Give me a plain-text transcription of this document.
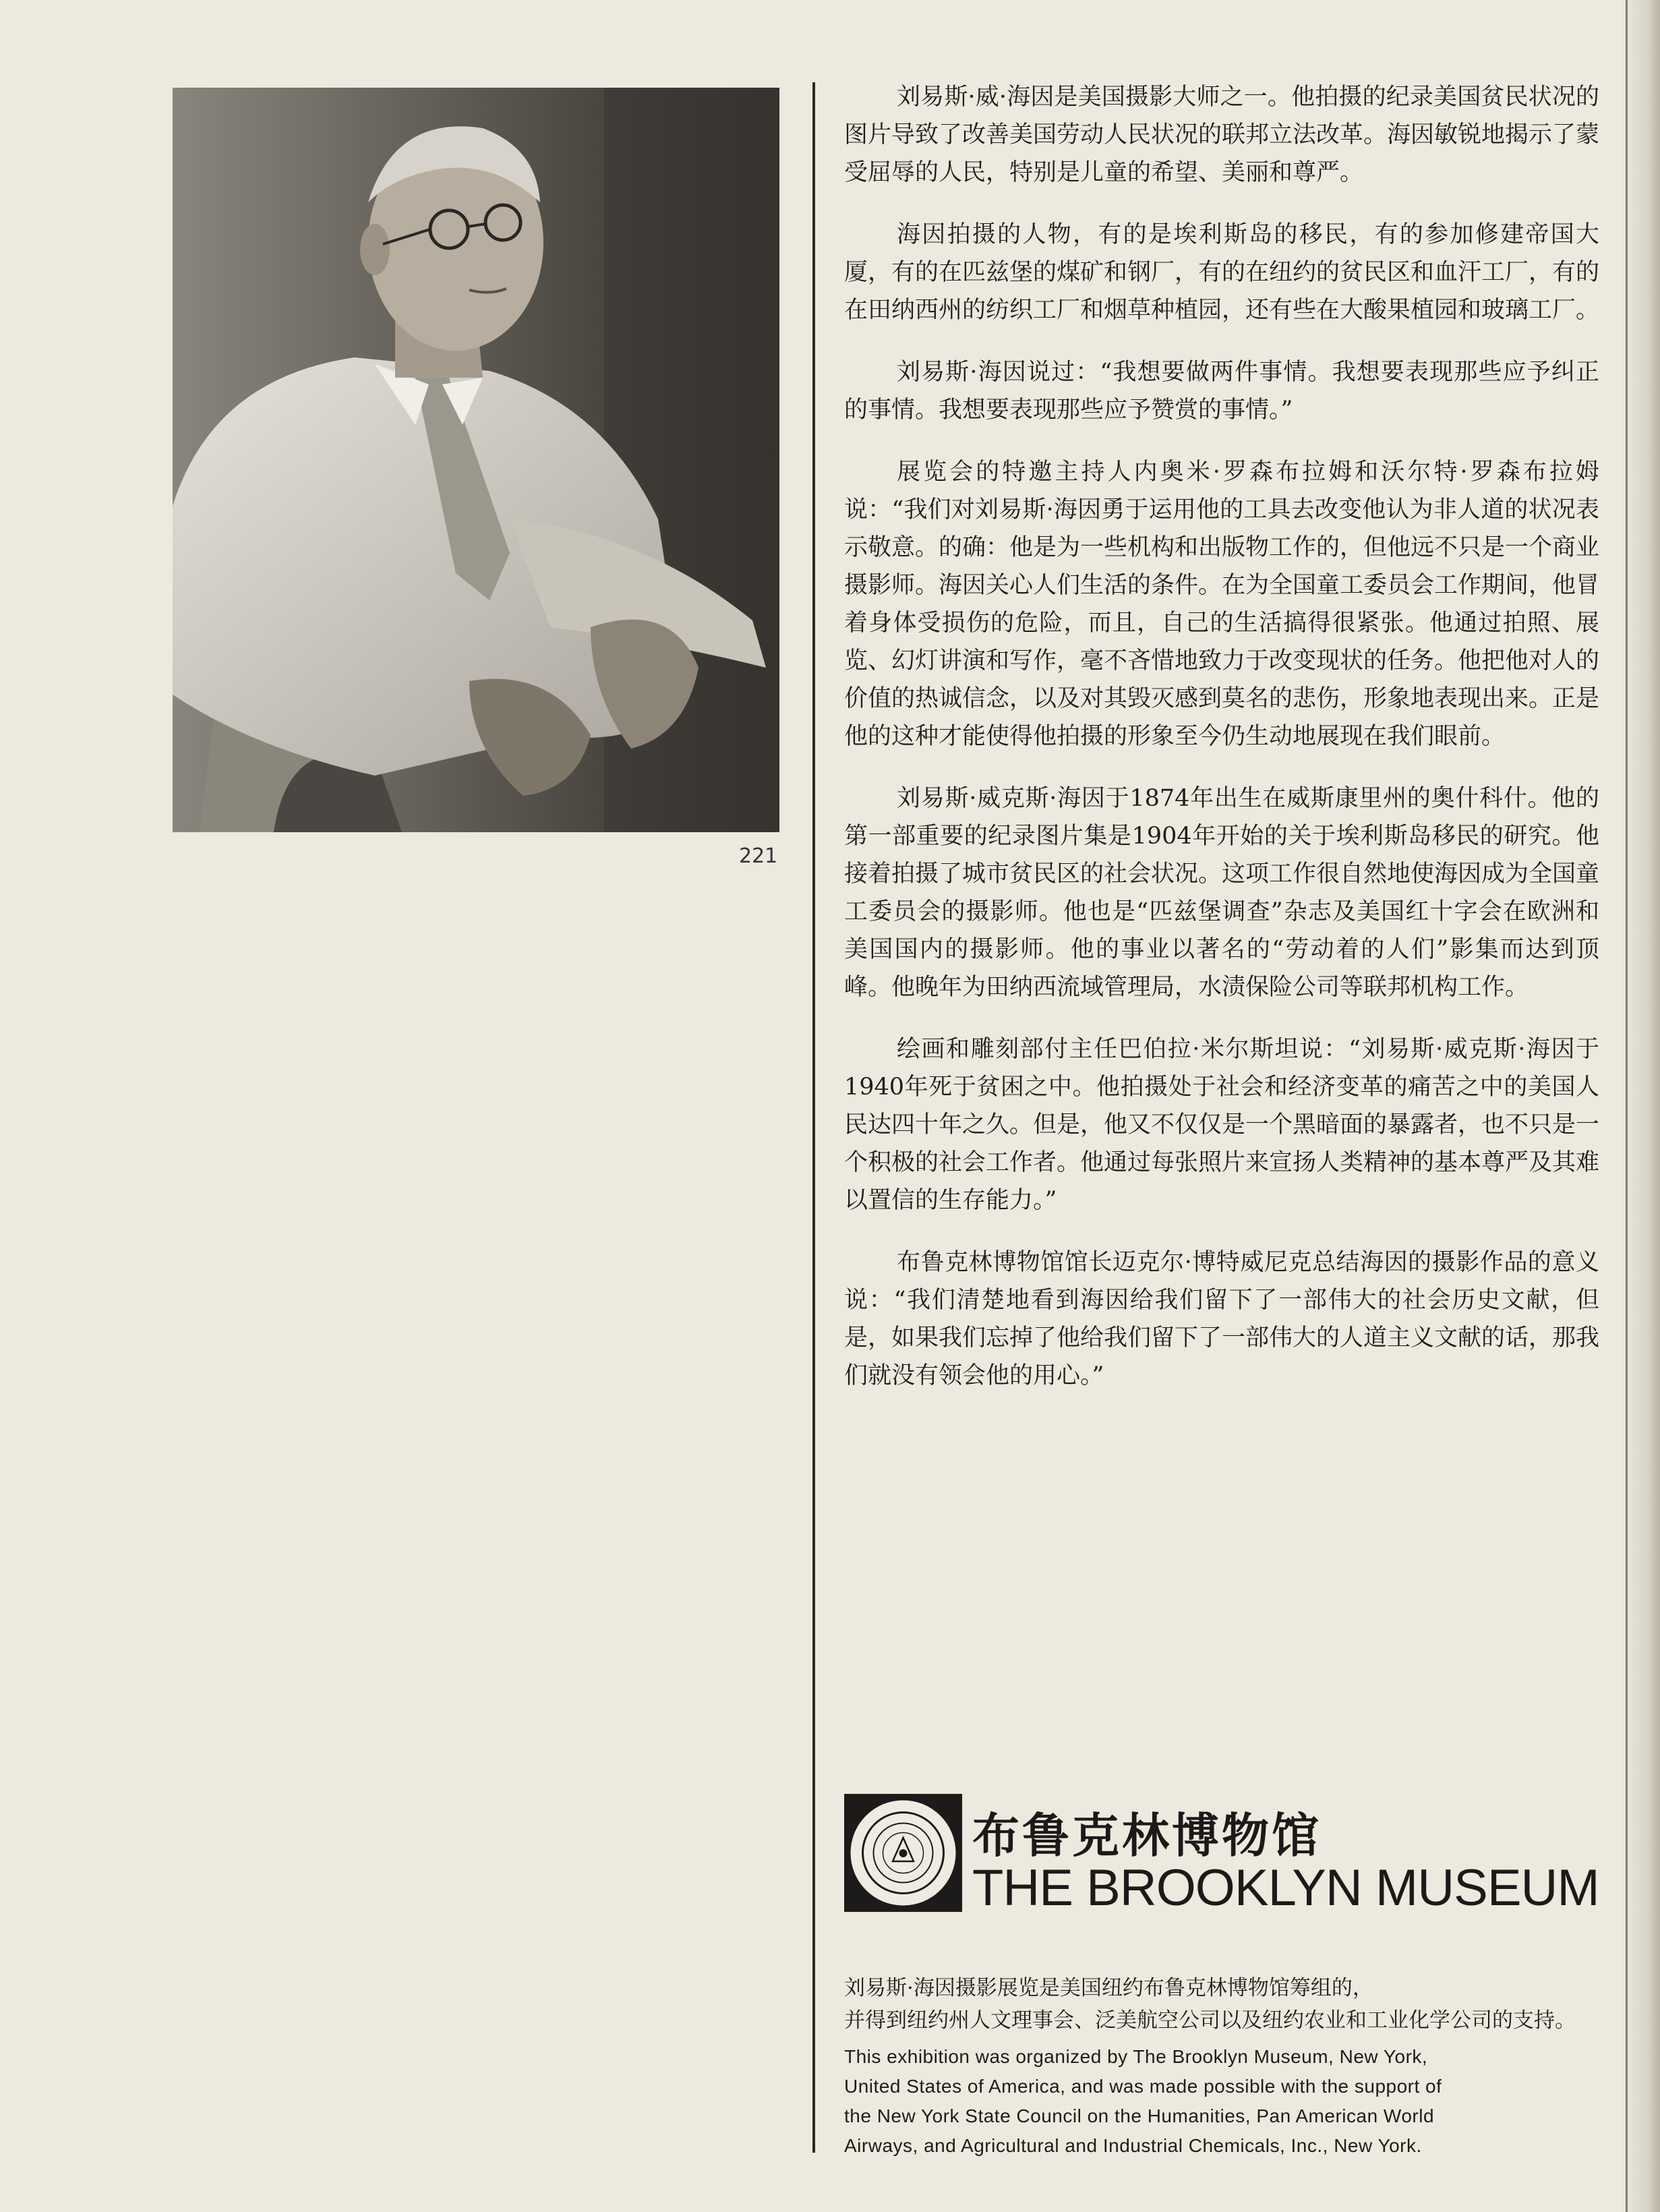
221

刘易斯·威·海因是美国摄影大师之一。他拍摄的纪录美国贫民状况的图片导致了改善美国劳动人民状况的联邦立法改革。海因敏锐地揭示了蒙受屈辱的人民，特别是儿童的希望、美丽和尊严。

海因拍摄的人物，有的是埃利斯岛的移民，有的参加修建帝国大厦，有的在匹兹堡的煤矿和钢厂，有的在纽约的贫民区和血汗工厂，有的在田纳西州的纺织工厂和烟草种植园，还有些在大酸果植园和玻璃工厂。

刘易斯·海因说过：“我想要做两件事情。我想要表现那些应予纠正的事情。我想要表现那些应予赞赏的事情。”

展览会的特邀主持人内奥米·罗森布拉姆和沃尔特·罗森布拉姆说：“我们对刘易斯·海因勇于运用他的工具去改变他认为非人道的状况表示敬意。的确：他是为一些机构和出版物工作的，但他远不只是一个商业摄影师。海因关心人们生活的条件。在为全国童工委员会工作期间，他冒着身体受损伤的危险，而且，自己的生活搞得很紧张。他通过拍照、展览、幻灯讲演和写作，毫不吝惜地致力于改变现状的任务。他把他对人的价值的热诚信念，以及对其毁灭感到莫名的悲伤，形象地表现出来。正是他的这种才能使得他拍摄的形象至今仍生动地展现在我们眼前。

刘易斯·威克斯·海因于1874年出生在威斯康里州的奥什科什。他的第一部重要的纪录图片集是1904年开始的关于埃利斯岛移民的研究。他接着拍摄了城市贫民区的社会状况。这项工作很自然地使海因成为全国童工委员会的摄影师。他也是“匹兹堡调查”杂志及美国红十字会在欧洲和美国国内的摄影师。他的事业以著名的“劳动着的人们”影集而达到顶峰。他晚年为田纳西流域管理局，水渍保险公司等联邦机构工作。

绘画和雕刻部付主任巴伯拉·米尔斯坦说：“刘易斯·威克斯·海因于1940年死于贫困之中。他拍摄处于社会和经济变革的痛苦之中的美国人民达四十年之久。但是，他又不仅仅是一个黑暗面的暴露者，也不只是一个积极的社会工作者。他通过每张照片来宣扬人类精神的基本尊严及其难以置信的生存能力。”

布鲁克林博物馆馆长迈克尔·博特威尼克总结海因的摄影作品的意义说：“我们清楚地看到海因给我们留下了一部伟大的社会历史文献，但是，如果我们忘掉了他给我们留下了一部伟大的人道主义文献的话，那我们就没有领会他的用心。”

布鲁克林博物馆
THE BROOKLYN MUSEUM
刘易斯·海因摄影展览是美国纽约布鲁克林博物馆筹组的，
并得到纽约州人文理事会、泛美航空公司以及纽约农业和工业化学公司的支持。
This exhibition was organized by The Brooklyn Museum, New York,
United States of America, and was made possible with the support of
the New York State Council on the Humanities, Pan American World
Airways, and Agricultural and Industrial Chemicals, Inc., New York.
